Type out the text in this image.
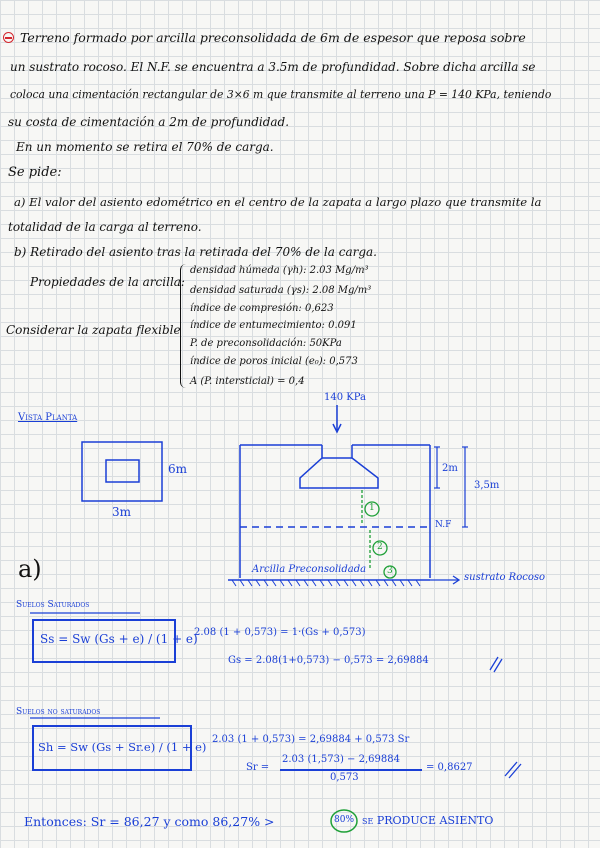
Terreno formado por arcilla preconsolidada de 6m de espesor que reposa sobre
un sustrato rocoso. El N.F. se encuentra a 3.5m de profundidad. Sobre dicha arcilla se
coloca una cimentación rectangular de 3×6 m que transmite al terreno una P = 140 KPa, teniendo
su costa de cimentación a 2m de profundidad.
En un momento se retira el 70% de carga.
Se pide:
a) El valor del asiento edométrico en el centro de la zapata a largo plazo que transmite la
totalidad de la carga al terreno.
b) Retirado del asiento tras la retirada del 70% de la carga.
Propiedades de la arcilla:
Considerar la zapata flexible
densidad húmeda (γh): 2.03 Mg/m³
densidad saturada (γs): 2.08 Mg/m³
índice de compresión: 0,623
índice de entumecimiento: 0.091
P. de preconsolidación: 50KPa
índice de poros inicial (e₀): 0,573
A (P. intersticial) = 0,4
Vista Planta
6m
3m
140 KPa
2m
3,5m
N.F
1
2
3
Arcilla Preconsolidada
sustrato Rocoso
a)
Suelos Saturados
Ss = Sw (Gs + e) / (1 + e)
2.08 (1 + 0,573) = 1·(Gs + 0,573)
Gs = 2.08(1+0,573) − 0,573 = 2,69884
Suelos no saturados
Sh = Sw (Gs + Sr.e) / (1 + e)
2.03 (1 + 0,573) = 2,69884 + 0,573 Sr
Sr =
2.03 (1,573) − 2,69884
0,573
= 0,8627
Entonces: Sr = 86,27 y como 86,27% >	80% se PRODUCE ASIENTO
